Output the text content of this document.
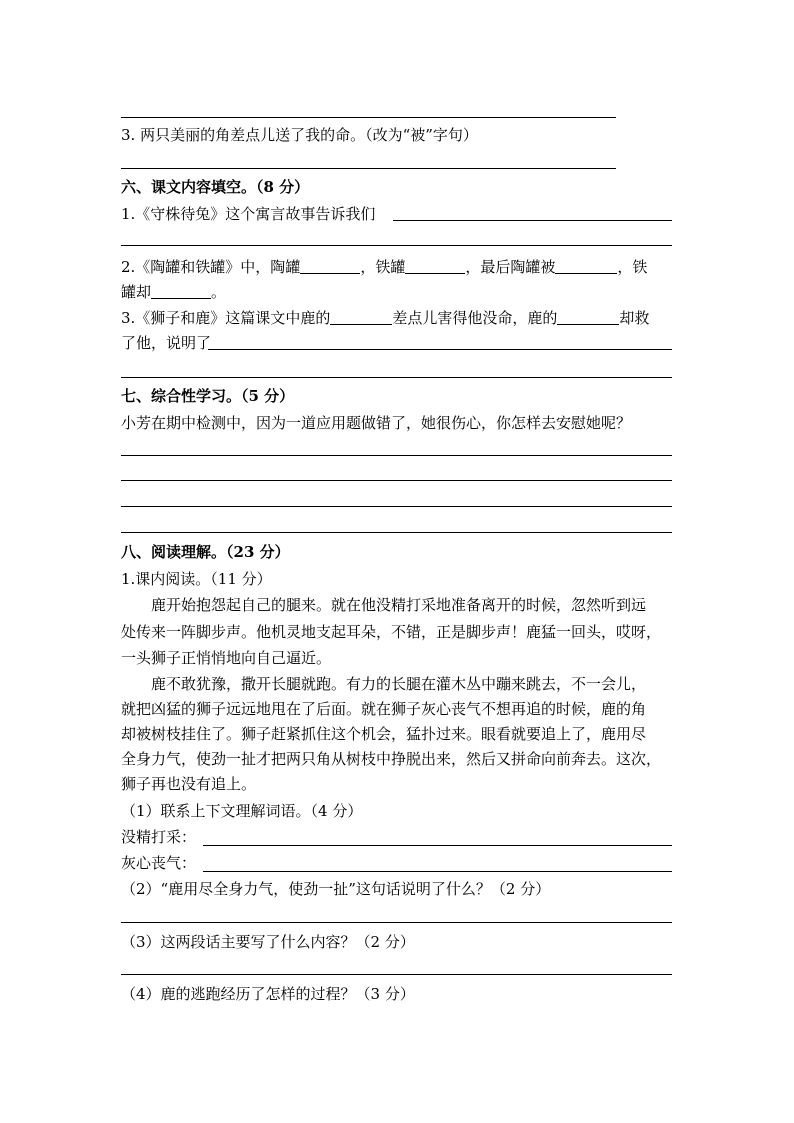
3. 两只美丽的角差点儿送了我的命。（改为“被”字句）
六、课文内容填空。（8 分）
1.《守株待兔》这个寓言故事告诉我们
2.《陶罐和铁罐》中，陶罐	，铁罐	，最后陶罐被	，铁
罐却	。
3.《狮子和鹿》这篇课文中鹿的	差点儿害得他没命，鹿的	却救
了他，说明了
七、综合性学习。（5 分）
小芳在期中检测中，因为一道应用题做错了，她很伤心，你怎样去安慰她呢？
八、阅读理解。（23 分）
1.课内阅读。（11 分）
鹿开始抱怨起自己的腿来。就在他没精打采地准备离开的时候，忽然听到远
处传来一阵脚步声。他机灵地支起耳朵，不错，正是脚步声！鹿猛一回头，哎呀，
一头狮子正悄悄地向自己逼近。
鹿不敢犹豫，撒开长腿就跑。有力的长腿在灌木丛中蹦来跳去，不一会儿，
就把凶猛的狮子远远地甩在了后面。就在狮子灰心丧气不想再追的时候，鹿的角
却被树枝挂住了。狮子赶紧抓住这个机会，猛扑过来。眼看就要追上了，鹿用尽
全身力气，使劲一扯才把两只角从树枝中挣脱出来，然后又拼命向前奔去。这次，
狮子再也没有追上。
（1）联系上下文理解词语。（4 分）
没精打采：
灰心丧气：
（2）“鹿用尽全身力气，使劲一扯”这句话说明了什么？（2 分）
（3）这两段话主要写了什么内容？（2 分）
（4）鹿的逃跑经历了怎样的过程？（3 分）
